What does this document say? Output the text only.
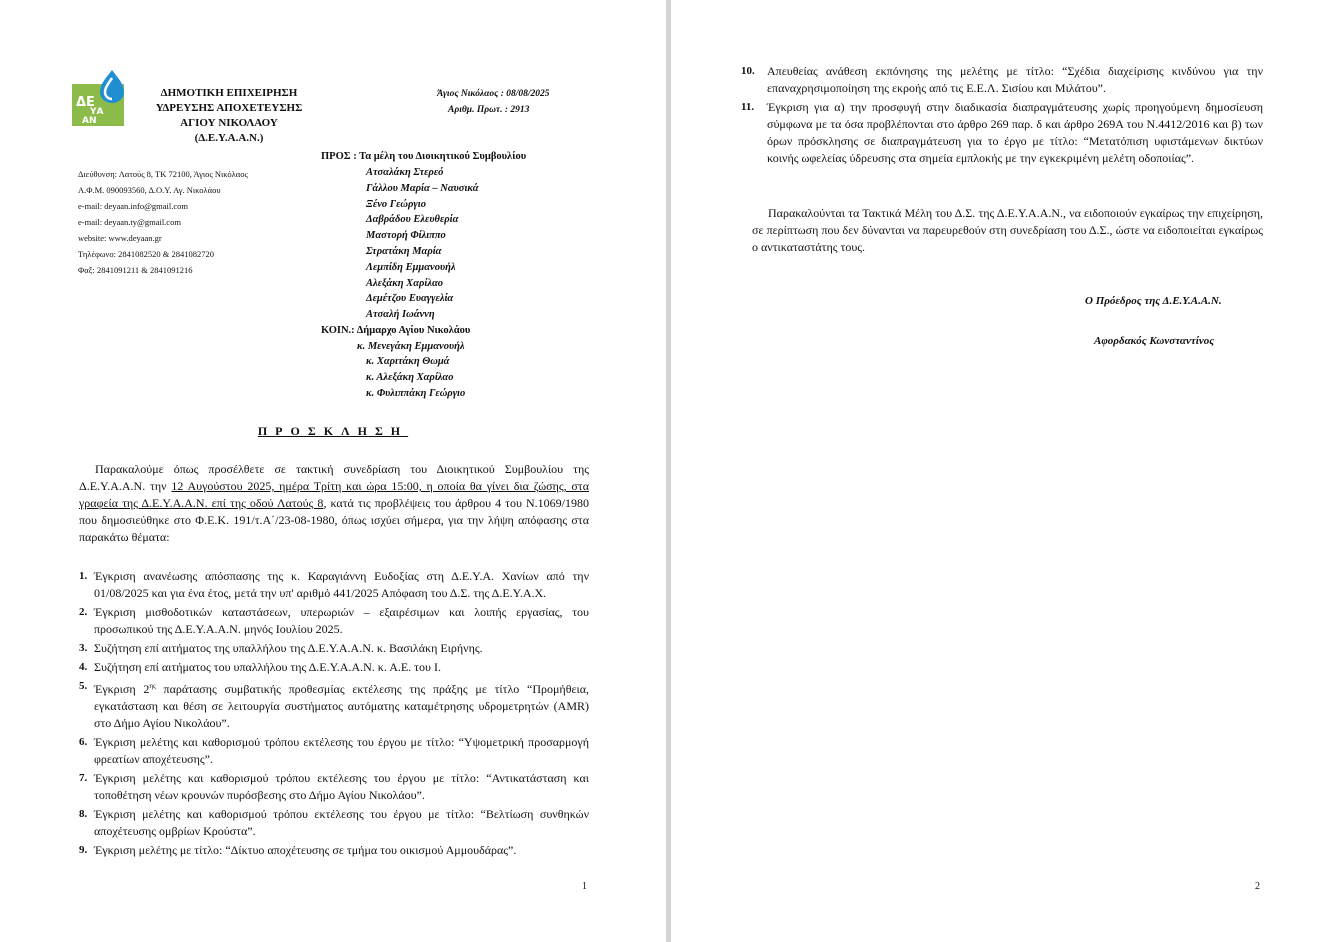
ΔΕ
ΥΑ
ΑΝ
ΔΗΜΟΤΙΚΗ ΕΠΙΧΕΙΡΗΣΗ
ΥΔΡΕΥΣΗΣ ΑΠΟΧΕΤΕΥΣΗΣ
ΑΓΙΟΥ ΝΙΚΟΛΑΟΥ
(Δ.Ε.Υ.Α.Α.Ν.)
Άγιος Νικόλαος : 08/08/2025
Αριθμ. Πρωτ. : 2913
Διεύθυνση: Λατούς 8, ΤΚ 72100, Άγιος Νικόλαος
Α.Φ.Μ. 090093560, Δ.Ο.Υ. Αγ. Νικολάου
e-mail: deyaan.info@gmail.com
e-mail: deyaan.ty@gmail.com
website: www.deyaan.gr
Τηλέφωνο: 2841082520 & 2841082720
Φαξ: 2841091211 & 2841091216
ΠΡΟΣ : Τα μέλη του Διοικητικού Συμβουλίου
Ατσαλάκη Στερεό
Γάλλου Μαρία – Ναυσικά
Ξένο Γεώργιο
Δαβράδου Ελευθερία
Μαστορή Φίλιππο
Στρατάκη Μαρία
Λεμπίδη Εμμανουήλ
Αλεξάκη Χαρίλαο
Δεμέτζου Ευαγγελία
Ατσαλή Ιωάννη
ΚΟΙΝ.: Δήμαρχο Αγίου Νικολάου
κ. Μενεγάκη Εμμανουήλ
κ. Χαριτάκη Θωμά
κ. Αλεξάκη Χαρίλαο
κ. Φυλιππάκη Γεώργιο
ΠΡΟΣΚΛΗΣΗ
Παρακαλούμε όπως προσέλθετε σε τακτική συνεδρίαση του Διοικητικού Συμβουλίου της Δ.Ε.Υ.Α.Α.Ν. την 12 Αυγούστου 2025, ημέρα Τρίτη και ώρα 15:00, η οποία θα γίνει δια ζώσης, στα γραφεία της Δ.Ε.Υ.Α.Α.Ν. επί της οδού Λατούς 8, κατά τις προβλέψεις του άρθρου 4 του Ν.1069/1980 που δημοσιεύθηκε στο Φ.Ε.Κ. 191/τ.Α΄/23-08-1980, όπως ισχύει σήμερα, για την λήψη απόφασης στα παρακάτω θέματα:
1. Έγκριση ανανέωσης απόσπασης της κ. Καραγιάννη Ευδοξίας στη Δ.Ε.Υ.Α. Χανίων από την 01/08/2025 και για ένα έτος, μετά την υπ' αριθμό 441/2025 Απόφαση του Δ.Σ. της Δ.Ε.Υ.Α.Χ.
2. Έγκριση μισθοδοτικών καταστάσεων, υπερωριών – εξαιρέσιμων και λοιπής εργασίας, του προσωπικού της Δ.Ε.Υ.Α.Α.Ν. μηνός Ιουλίου 2025.
3. Συζήτηση επί αιτήματος της υπαλλήλου της Δ.Ε.Υ.Α.Α.Ν. κ. Βασιλάκη Ειρήνης.
4. Συζήτηση επί αιτήματος του υπαλλήλου της Δ.Ε.Υ.Α.Α.Ν. κ. Α.Ε. του Ι.
5. Έγκριση $2^{\eta\varsigma}$ παράτασης συμβατικής προθεσμίας εκτέλεσης της πράξης με τίτλο “Προμήθεια, εγκατάσταση και θέση σε λειτουργία συστήματος αυτόματης καταμέτρησης υδρομετρητών (AMR) στο Δήμο Αγίου Νικολάου”.
6. Έγκριση μελέτης και καθορισμού τρόπου εκτέλεσης του έργου με τίτλο: “Υψομετρική προσαρμογή φρεατίων αποχέτευσης”.
7. Έγκριση μελέτης και καθορισμού τρόπου εκτέλεσης του έργου με τίτλο: “Αντικατάσταση και τοποθέτηση νέων κρουνών πυρόσβεσης στο Δήμο Αγίου Νικολάου”.
8. Έγκριση μελέτης και καθορισμού τρόπου εκτέλεσης του έργου με τίτλο: “Βελτίωση συνθηκών αποχέτευσης ομβρίων Κρούστα”.
9. Έγκριση μελέτης με τίτλο: “Δίκτυο αποχέτευσης σε τμήμα του οικισμού Αμμουδάρας”.
1
10. Απευθείας ανάθεση εκπόνησης της μελέτης με τίτλο: “Σχέδια διαχείρισης κινδύνου για την επαναχρησιμοποίηση της εκροής από τις Ε.Ε.Λ. Σισίου και Μιλάτου”.
11. Έγκριση για α) την προσφυγή στην διαδικασία διαπραγμάτευσης χωρίς προηγούμενη δημοσίευση σύμφωνα με τα όσα προβλέπονται στο άρθρο 269 παρ. δ και άρθρο 269Α του Ν.4412/2016 και β) των όρων πρόσκλησης σε διαπραγμάτευση για το έργο με τίτλο: “Μετατόπιση υφιστάμενων δικτύων κοινής ωφελείας ύδρευσης στα σημεία εμπλοκής με την εγκεκριμένη μελέτη οδοποιίας”.
Παρακαλούνται τα Τακτικά Μέλη του Δ.Σ. της Δ.Ε.Υ.Α.Α.Ν., να ειδοποιούν εγκαίρως την επιχείρηση, σε περίπτωση που δεν δύνανται να παρευρεθούν στη συνεδρίαση του Δ.Σ., ώστε να ειδοποιείται εγκαίρως ο αντικαταστάτης τους.
Ο Πρόεδρος της Δ.Ε.Υ.Α.Α.Ν.
Αφορδακός Κωνσταντίνος
2
